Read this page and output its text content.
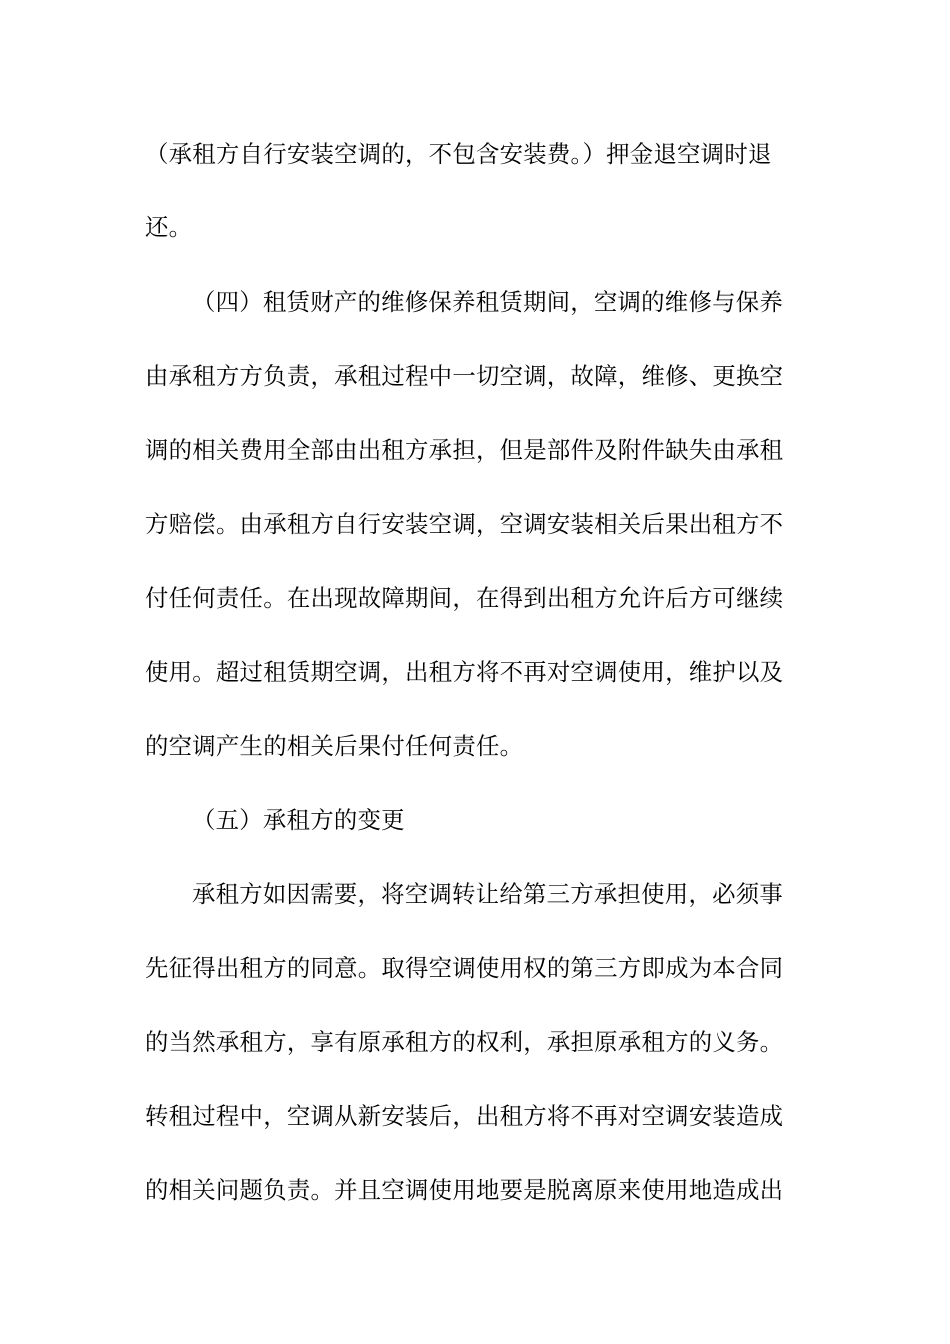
（承租方自行安装空调的，不包含安装费。）押金退空调时退
还。
（四）租赁财产的维修保养租赁期间，空调的维修与保养
由承租方方负责，承租过程中一切空调，故障，维修、更换空
调的相关费用全部由出租方承担，但是部件及附件缺失由承租
方赔偿。由承租方自行安装空调，空调安装相关后果出租方不
付任何责任。在出现故障期间，在得到出租方允许后方可继续
使用。超过租赁期空调，出租方将不再对空调使用，维护以及
的空调产生的相关后果付任何责任。
（五）承租方的变更
承租方如因需要，将空调转让给第三方承担使用，必须事
先征得出租方的同意。取得空调使用权的第三方即成为本合同
的当然承租方，享有原承租方的权利，承担原承租方的义务。
转租过程中，空调从新安装后，出租方将不再对空调安装造成
的相关问题负责。并且空调使用地要是脱离原来使用地造成出
